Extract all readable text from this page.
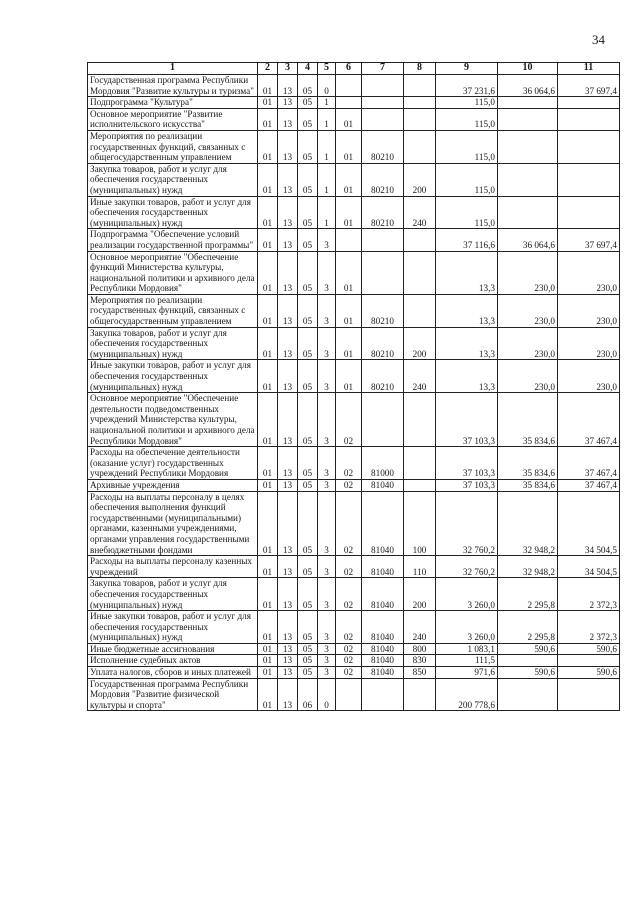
34
1	2	3	4	5	6	7	8	9	10	11
Государственная программа Республики Мордовия "Развитие культуры и туризма"	01	13	05	0				37 231,6	36 064,6	37 697,4
Подпрограмма "Культура"	01	13	05	1				115,0		
Основное мероприятие "Развитие исполнительского искусства"	01	13	05	1	01			115,0		
Мероприятия по реализации государственных функций, связанных с общегосударственным управлением	01	13	05	1	01	80210		115,0		
Закупка товаров, работ и услуг для обеспечения государственных (муниципальных) нужд	01	13	05	1	01	80210	200	115,0		
Иные закупки товаров, работ и услуг для обеспечения государственных (муниципальных) нужд	01	13	05	1	01	80210	240	115,0		
Подпрограмма "Обеспечение условий реализации государственной программы"	01	13	05	3				37 116,6	36 064,6	37 697,4
Основное мероприятие "Обеспечение функций Министерства культуры, национальной политики и архивного дела Республики Мордовия"	01	13	05	3	01			13,3	230,0	230,0
Мероприятия по реализации государственных функций, связанных с общегосударственным управлением	01	13	05	3	01	80210		13,3	230,0	230,0
Закупка товаров, работ и услуг для обеспечения государственных (муниципальных) нужд	01	13	05	3	01	80210	200	13,3	230,0	230,0
Иные закупки товаров, работ и услуг для обеспечения государственных (муниципальных) нужд	01	13	05	3	01	80210	240	13,3	230,0	230,0
Основное мероприятие "Обеспечение деятельности подведомственных учреждений Министерства культуры, национальной политики и архивного дела Республики Мордовия"	01	13	05	3	02			37 103,3	35 834,6	37 467,4
Расходы на обеспечение деятельности (оказание услуг) государственных учреждений Республики Мордовия	01	13	05	3	02	81000		37 103,3	35 834,6	37 467,4
Архивные учреждения	01	13	05	3	02	81040		37 103,3	35 834,6	37 467,4
Расходы на выплаты персоналу в целях обеспечения выполнения функций государственными (муниципальными) органами, казенными учреждениями, органами управления государственными внебюджетными фондами	01	13	05	3	02	81040	100	32 760,2	32 948,2	34 504,5
Расходы на выплаты персоналу казенных учреждений	01	13	05	3	02	81040	110	32 760,2	32 948,2	34 504,5
Закупка товаров, работ и услуг для обеспечения государственных (муниципальных) нужд	01	13	05	3	02	81040	200	3 260,0	2 295,8	2 372,3
Иные закупки товаров, работ и услуг для обеспечения государственных (муниципальных) нужд	01	13	05	3	02	81040	240	3 260,0	2 295,8	2 372,3
Иные бюджетные ассигнования	01	13	05	3	02	81040	800	1 083,1	590,6	590,6
Исполнение судебных актов	01	13	05	3	02	81040	830	111,5		
Уплата налогов, сборов и иных платежей	01	13	05	3	02	81040	850	971,6	590,6	590,6
Государственная программа Республики Мордовия "Развитие физической культуры и спорта"	01	13	06	0				200 778,6		
